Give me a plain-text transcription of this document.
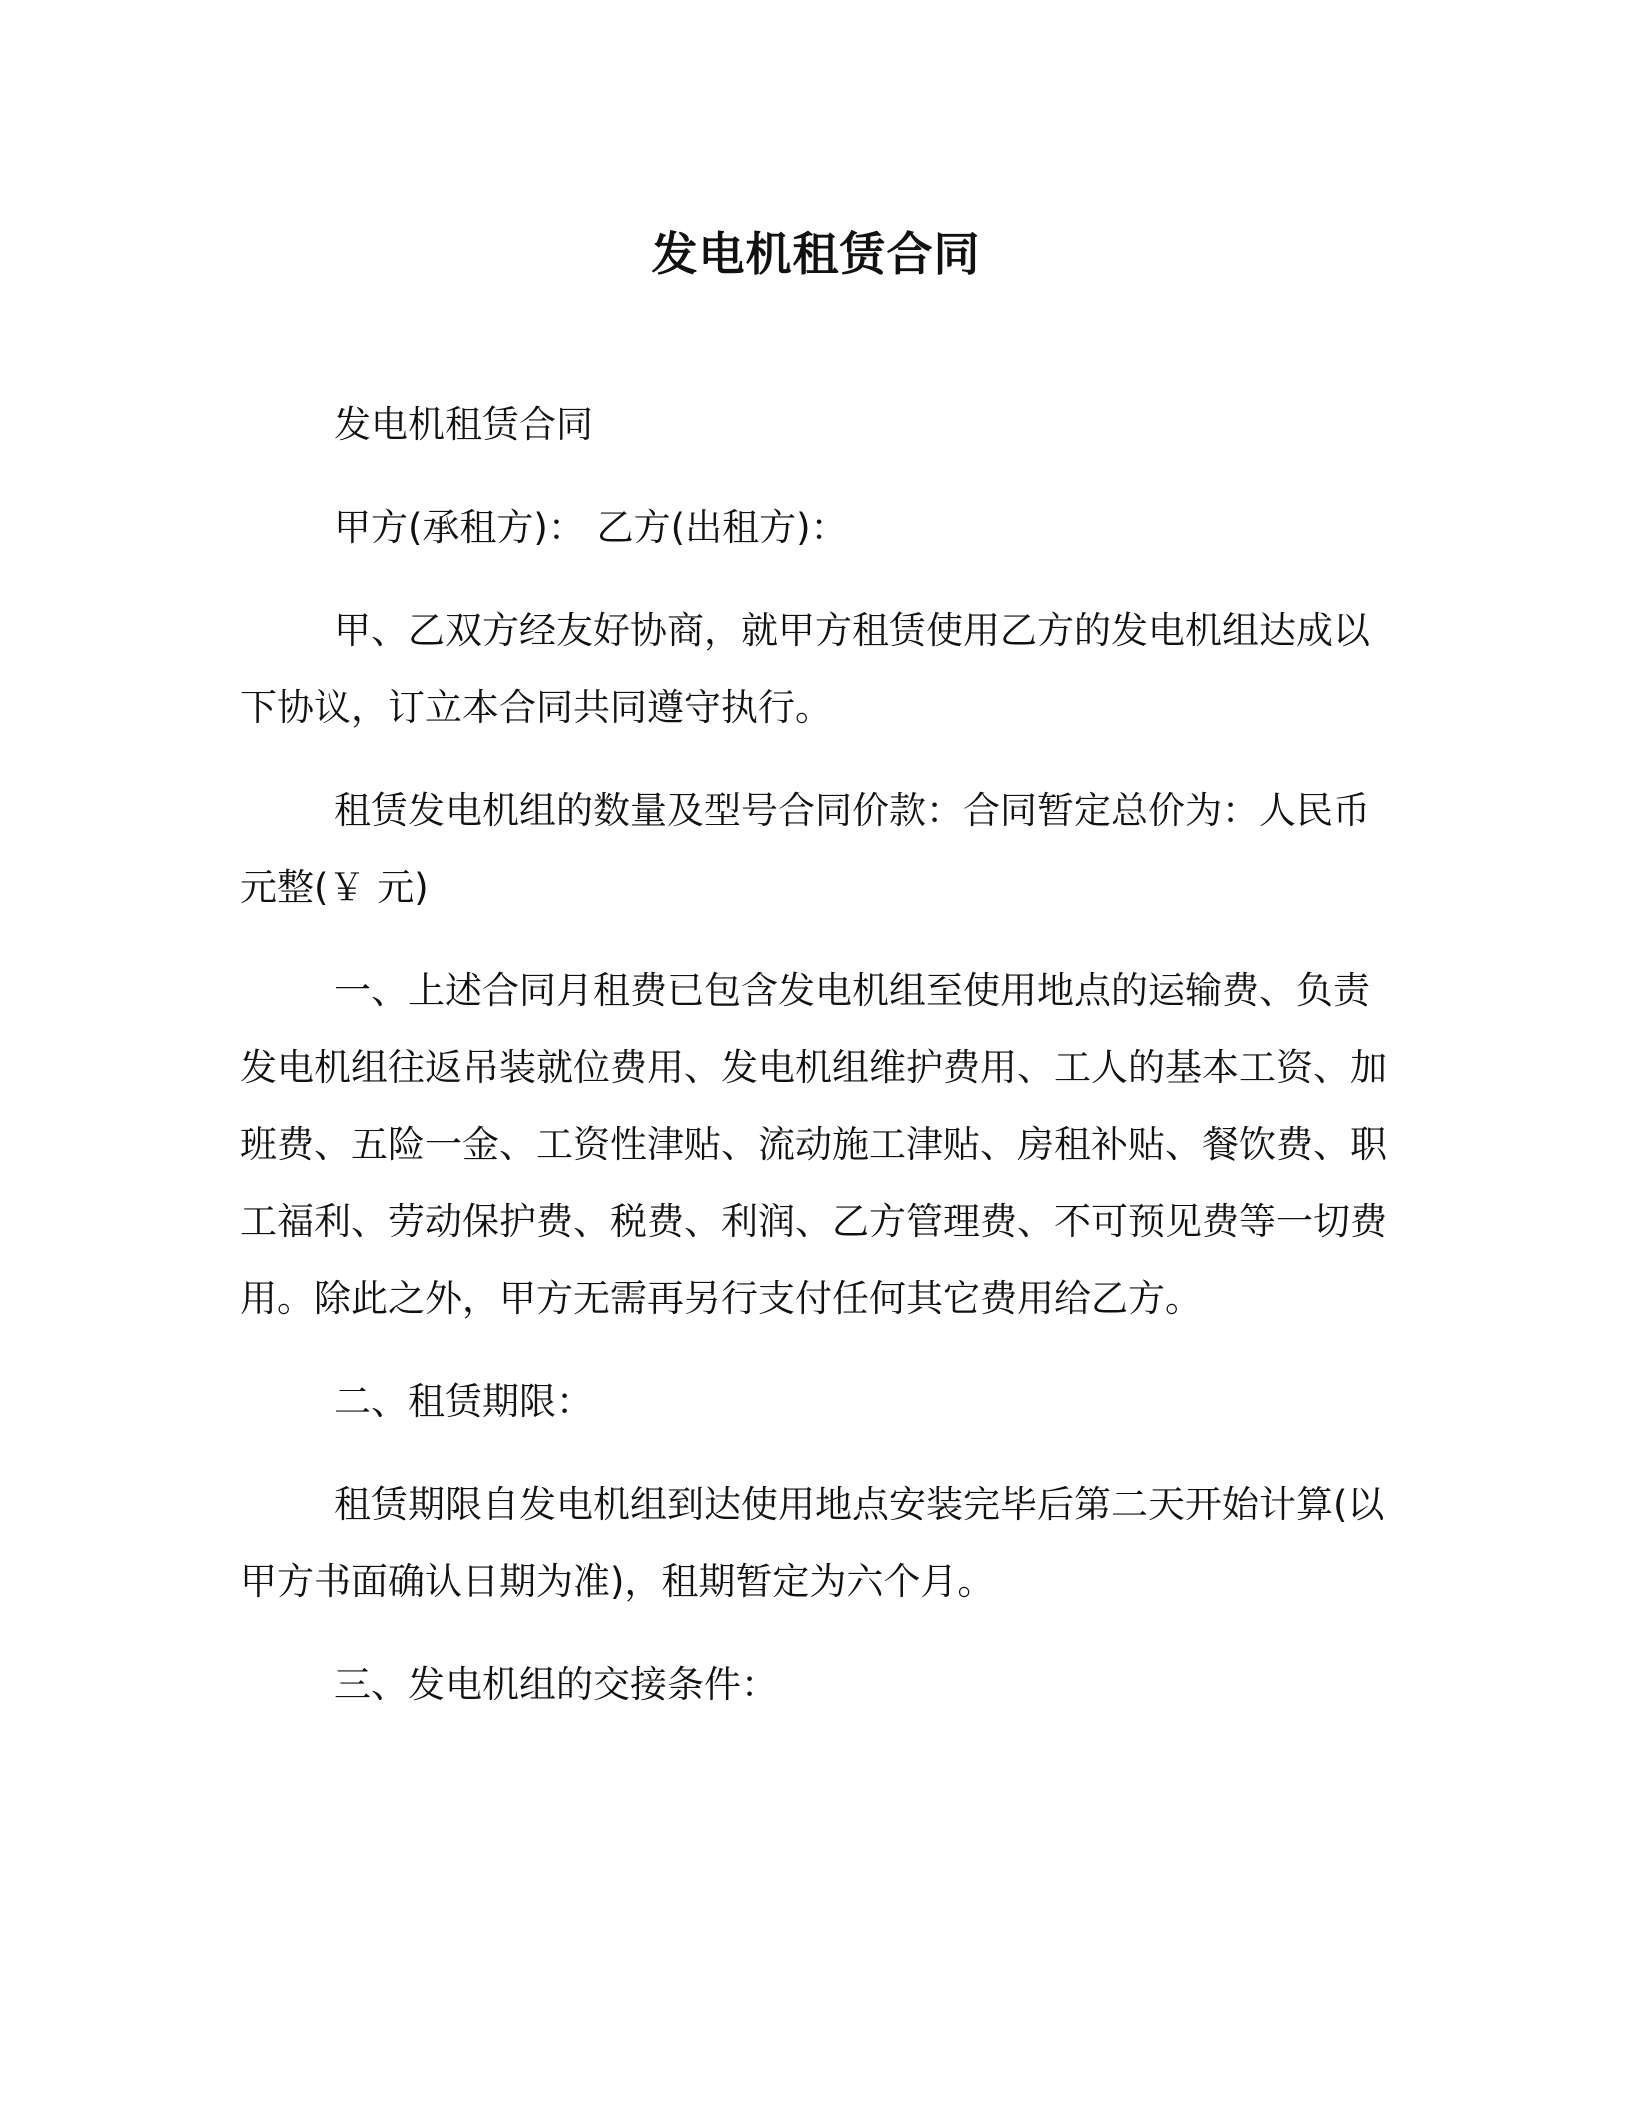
发电机租赁合同

发电机租赁合同

甲方(承租方)： 乙方(出租方)：

甲、乙双方经友好协商，就甲方租赁使用乙方的发电机组达成以下协议，订立本合同共同遵守执行。

租赁发电机组的数量及型号合同价款：合同暂定总价为：人民币元整(￥ 元)

一、上述合同月租费已包含发电机组至使用地点的运输费、负责发电机组往返吊装就位费用、发电机组维护费用、工人的基本工资、加班费、五险一金、工资性津贴、流动施工津贴、房租补贴、餐饮费、职工福利、劳动保护费、税费、利润、乙方管理费、不可预见费等一切费用。除此之外，甲方无需再另行支付任何其它费用给乙方。

二、租赁期限：

租赁期限自发电机组到达使用地点安装完毕后第二天开始计算(以甲方书面确认日期为准)，租期暂定为六个月。

三、发电机组的交接条件：
